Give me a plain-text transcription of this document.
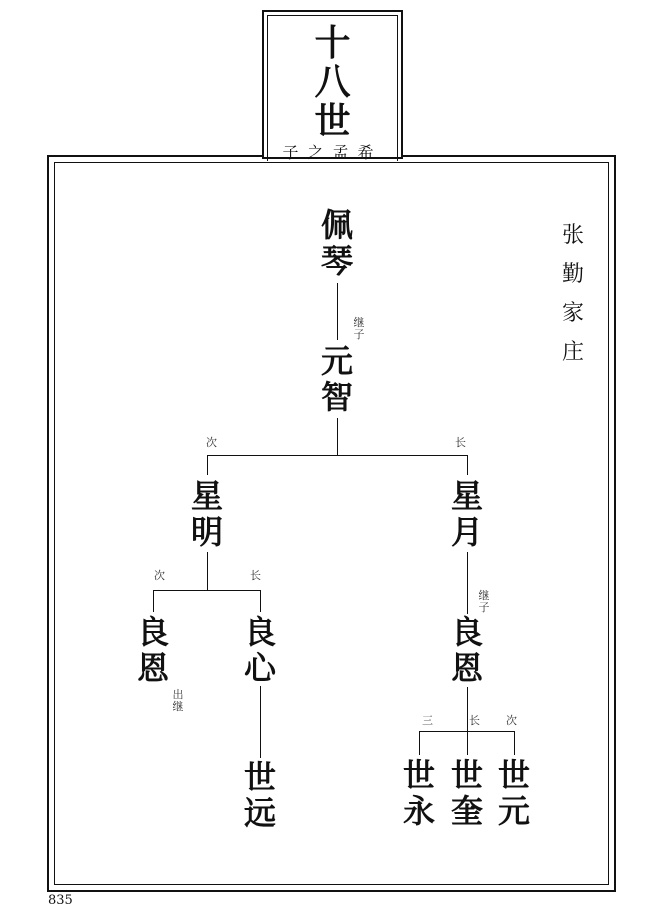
十
八
世
子之孟希
张
勤
家
庄
佩
琴
元
智
星
明
星
月
良
恩
良
心
良
恩
世
远
世
永
世
奎
世
元
继
子
继
子
出
继
次	长
次	长
三	长 次
835
